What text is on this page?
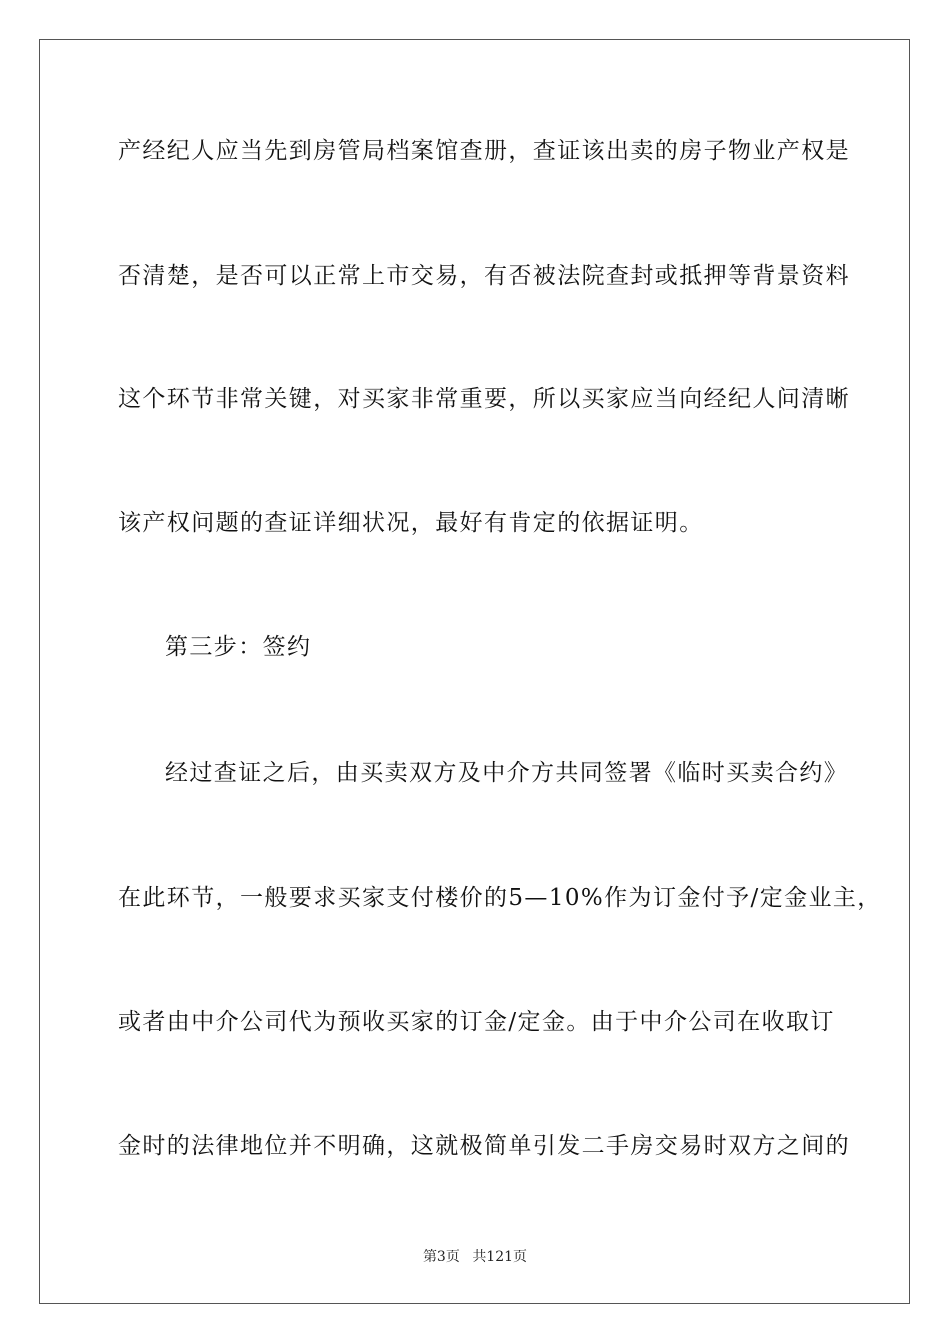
产经纪人应当先到房管局档案馆查册，查证该出卖的房子物业产权是
否清楚，是否可以正常上市交易，有否被法院查封或抵押等背景资料
这个环节非常关键，对买家非常重要，所以买家应当向经纪人问清晰
该产权问题的查证详细状况，最好有肯定的依据证明。
第三步：签约
经过查证之后，由买卖双方及中介方共同签署《临时买卖合约》
在此环节，一般要求买家支付楼价的5—10%作为订金付予/定金业主，
或者由中介公司代为预收买家的订金/定金。由于中介公司在收取订
金时的法律地位并不明确，这就极简单引发二手房交易时双方之间的
第3页 共121页
